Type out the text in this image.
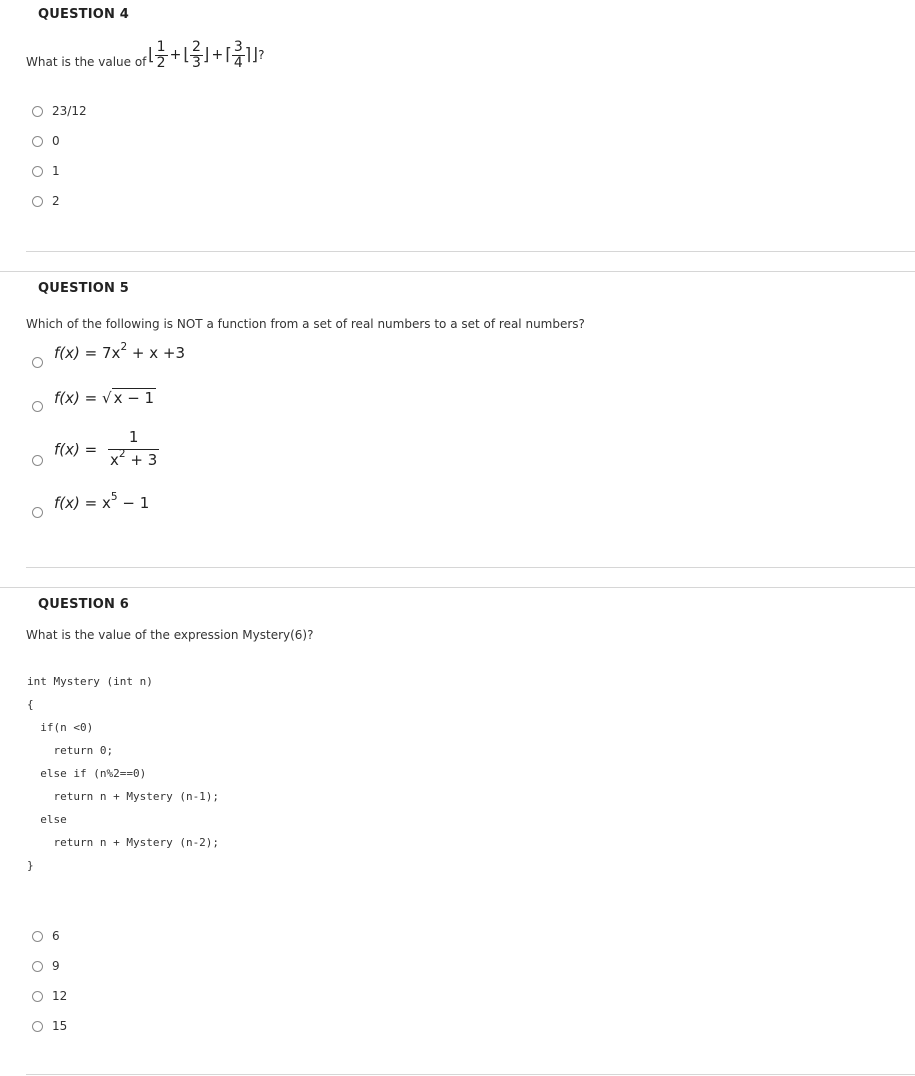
QUESTION 4
What is the value of ⌊ $\frac{1}{2}$ + ⌊ $\frac{2}{3}$ ⌋ + ⌈ $\frac{3}{4}$ ⌉⌋?
23/12
0
1
2
QUESTION 5
Which of the following is NOT a function from a set of real numbers to a set of real numbers?
$f(x) = 7x^2 + x +3$
f(x) = √ x − 1
$f(x) = \frac{1}{x^2 + 3}$
$f(x) = x^5 - 1$
QUESTION 6
What is the value of the expression Mystery(6)?
int Mystery (int n)
{
if(n <0)
return 0;
else if (n%2==0)
return n + Mystery (n-1);
else
return n + Mystery (n-2);
}
6
9
12
15
